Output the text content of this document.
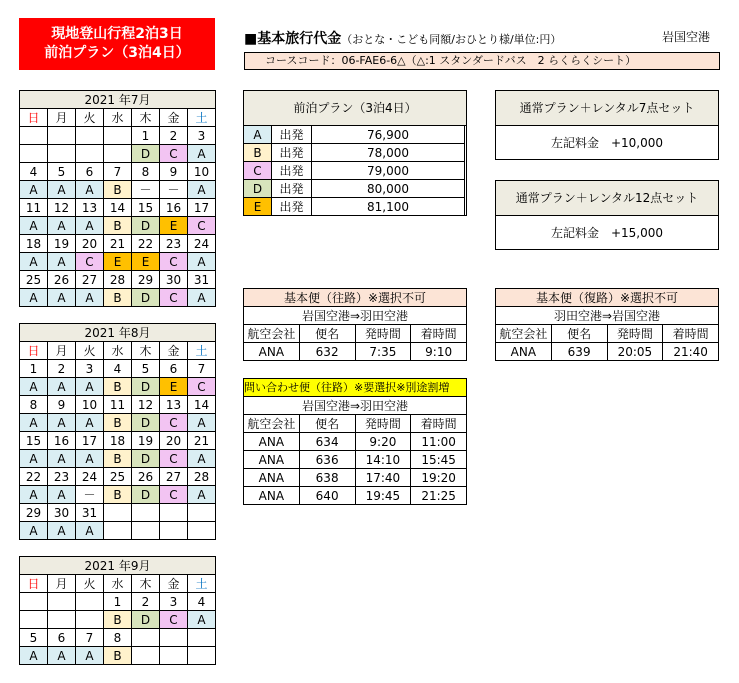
現地登山行程2泊3日
前泊プラン（3泊4日）
■基本旅行代金（おとな・こども同額/おひとり様/単位:円）	岩国空港
コースコード：06-FAE6-6△（△:1 スタンダードバス　2 らくらくシート）
2021 年7月						
日	月	火	水	木	金	土
				1	2	3
				D	C	A
4	5	6	7	8	9	10
A	A	A	B	－	－	A
11	12	13	14	15	16	17
A	A	A	B	D	E	C
18	19	20	21	22	23	24
A	A	C	E	E	C	A
25	26	27	28	29	30	31
A	A	A	B	D	C	A
2021 年8月						
日	月	火	水	木	金	土
1	2	3	4	5	6	7
A	A	A	B	D	E	C
8	9	10	11	12	13	14
A	A	A	B	D	C	A
15	16	17	18	19	20	21
A	A	A	B	D	C	A
22	23	24	25	26	27	28
A	A	－	B	D	C	A
29	30	31				
A	A	A				
2021 年9月						
日	月	火	水	木	金	土
			1	2	3	4
			B	D	C	A
5	6	7	8			
A	A	A	B			
前泊プラン（3泊4日）
A	出発	76,900
B	出発	78,000
C	出発	79,000
D	出発	80,000
E	出発	81,100
通常プラン＋レンタル7点セット
左記料金　+10,000
通常プラン＋レンタル12点セット
左記料金　+15,000
基本便（往路）※選択不可			
岩国空港⇒羽田空港			
航空会社	便名	発時間	着時間
ANA	632	7:35	9:10
基本便（復路）※選択不可			
羽田空港⇒岩国空港			
航空会社	便名	発時間	着時間
ANA	639	20:05	21:40
問い合わせ便（往路）※要選択※別途割増			
岩国空港⇒羽田空港			
航空会社	便名	発時間	着時間
ANA	634	9:20	11:00
ANA	636	14:10	15:45
ANA	638	17:40	19:20
ANA	640	19:45	21:25
